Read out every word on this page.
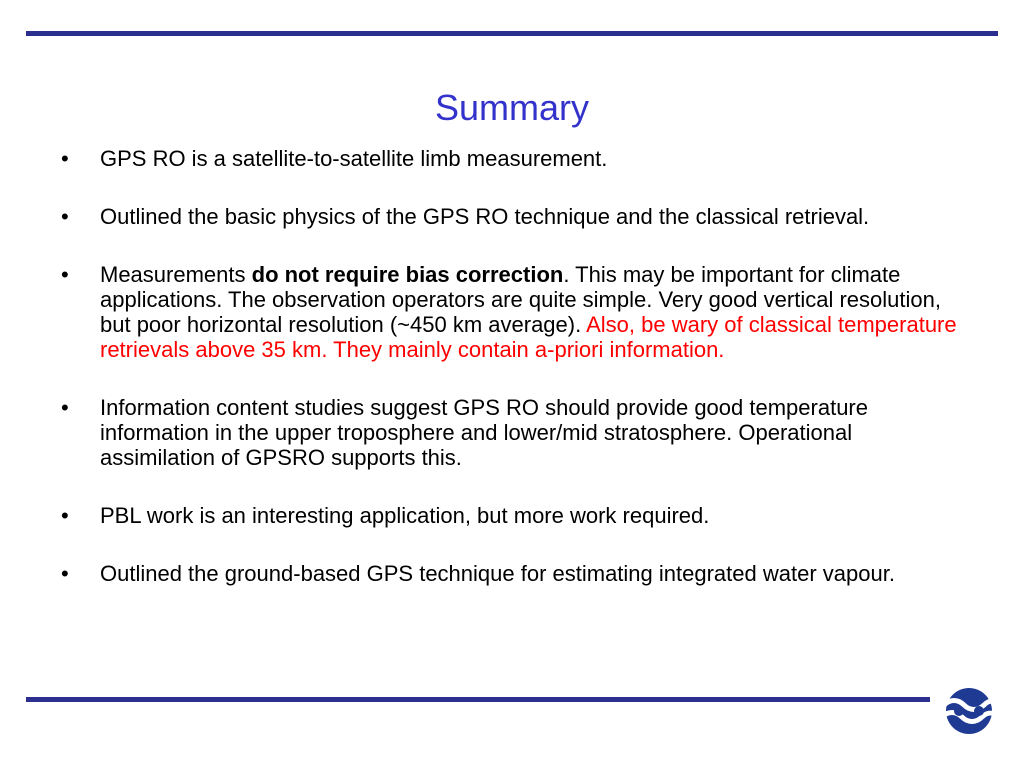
Summary
• GPS RO is a satellite-to-satellite limb measurement.
• Outlined the basic physics of the GPS RO technique and the classical retrieval.
• Measurements do not require bias correction. This may be important for climate applications. The observation operators are quite simple. Very good vertical resolution, but poor horizontal resolution (~450 km average). Also, be wary of classical temperature retrievals above 35 km. They mainly contain a-priori information.
• Information content studies suggest GPS RO should provide good temperature information in the upper troposphere and lower/mid stratosphere. Operational assimilation of GPSRO supports this.
• PBL work is an interesting application, but more work required.
• Outlined the ground-based GPS technique for estimating integrated water vapour.
